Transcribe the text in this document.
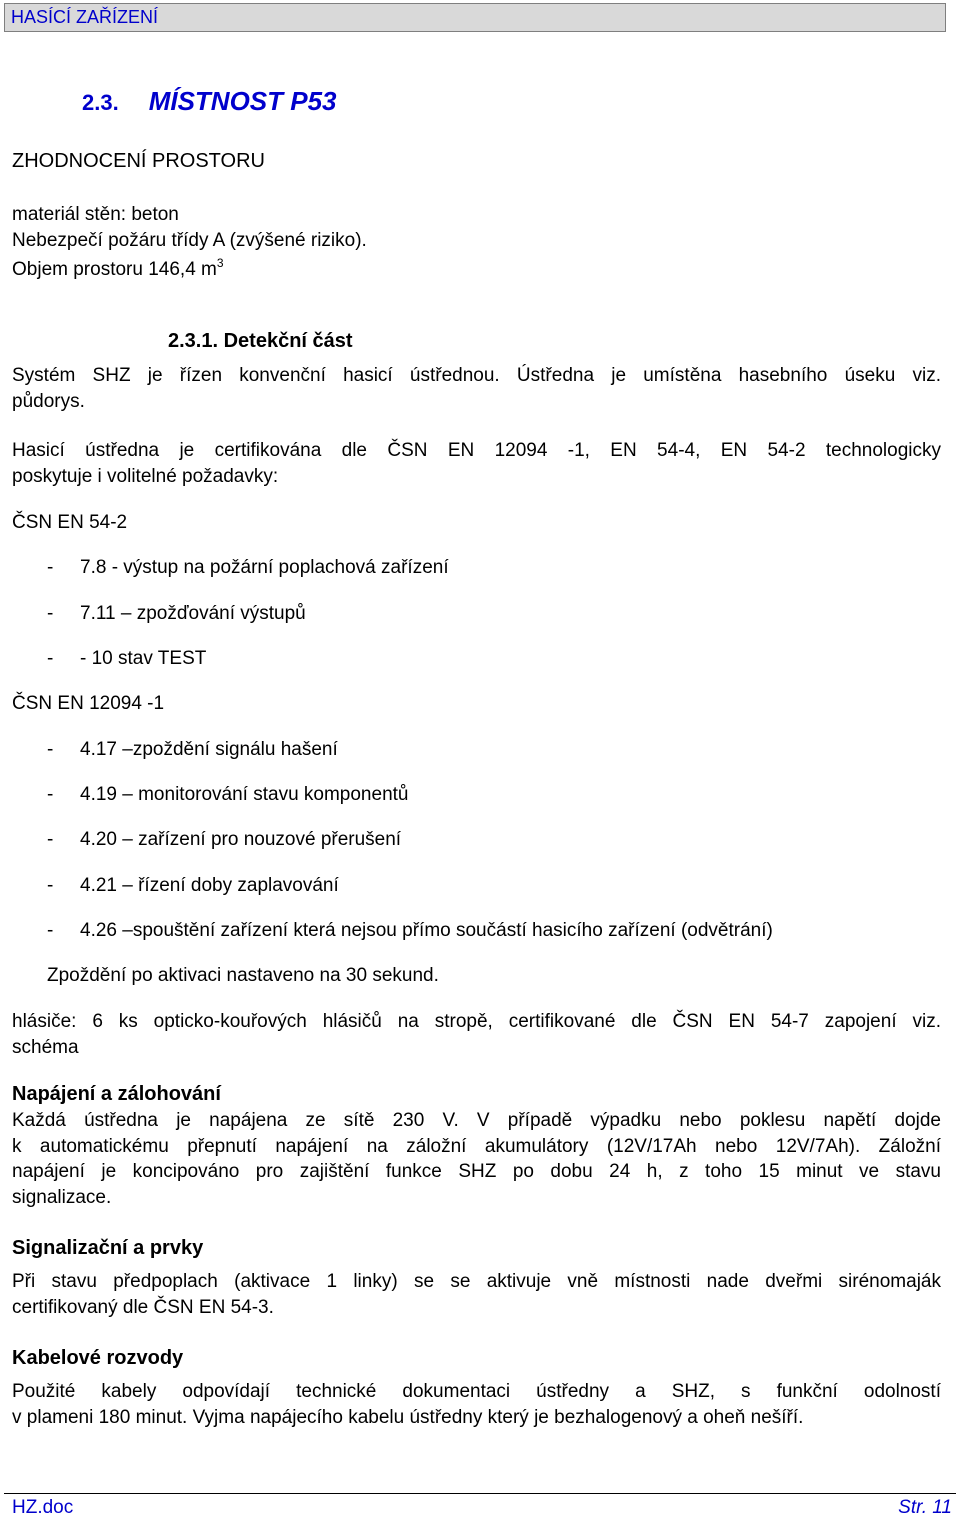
HASÍCÍ ZAŘÍZENÍ
2.3. MÍSTNOST P53
ZHODNOCENÍ PROSTORU
materiál stěn: beton
Nebezpečí požáru třídy A (zvýšené riziko).
Objem prostoru 146,4 $m^3$
2.3.1. Detekční část
Systém SHZ je řízen konvenční hasicí ústřednou. Ústředna je umístěna hasebního úseku viz.
půdorys.
Hasicí ústředna je certifikována dle ČSN EN 12094 -1, EN 54-4, EN 54-2 technologicky
poskytuje i volitelné požadavky:
ČSN EN 54-2
- 7.8 - výstup na požární poplachová zařízení
- 7.11 – zpožďování výstupů
- - 10 stav TEST
ČSN EN 12094 -1
- 4.17 –zpoždění signálu hašení
- 4.19 – monitorování stavu komponentů
- 4.20 – zařízení pro nouzové přerušení
- 4.21 – řízení doby zaplavování
- 4.26 –spouštění zařízení která nejsou přímo součástí hasicího zařízení (odvětrání)
Zpoždění po aktivaci nastaveno na 30 sekund.
hlásiče: 6 ks opticko-kouřových hlásičů na stropě, certifikované dle ČSN EN 54-7 zapojení viz.
schéma
Napájení a zálohování
Každá ústředna je napájena ze sítě 230 V. V případě výpadku nebo poklesu napětí dojde
k automatickému přepnutí napájení na záložní akumulátory (12V/17Ah nebo 12V/7Ah). Záložní
napájení je koncipováno pro zajištění funkce SHZ po dobu 24 h, z toho 15 minut ve stavu
signalizace.
Signalizační a prvky
Při stavu předpoplach (aktivace 1 linky) se se aktivuje vně místnosti nade dveřmi sirénomaják
certifikovaný dle ČSN EN 54-3.
Kabelové rozvody
Použité kabely odpovídají technické dokumentaci ústředny a SHZ, s funkční odolností
v plameni 180 minut. Vyjma napájecího kabelu ústředny který je bezhalogenový a oheň nešíří.
HZ.doc	Str. 11
